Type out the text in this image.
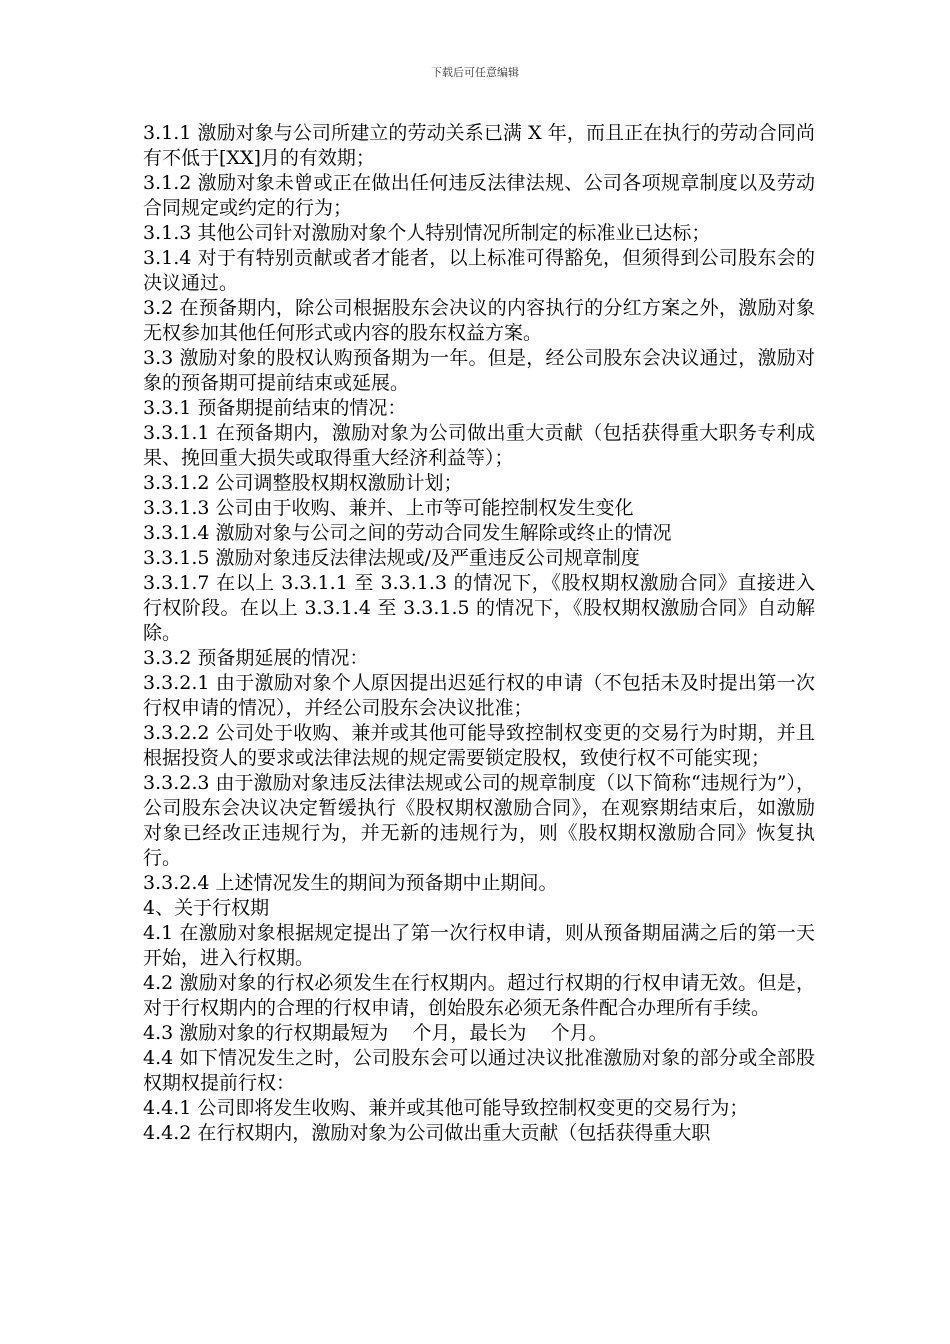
下载后可任意编辑

3.1.1 激励对象与公司所建立的劳动关系已满 X 年，而且正在执行的劳动合同尚有不低于[XX]月的有效期；

3.1.2 激励对象未曾或正在做出任何违反法律法规、公司各项规章制度以及劳动合同规定或约定的行为；

3.1.3 其他公司针对激励对象个人特别情况所制定的标准业已达标；

3.1.4 对于有特别贡献或者才能者，以上标准可得豁免，但须得到公司股东会的决议通过。

3.2 在预备期内，除公司根据股东会决议的内容执行的分红方案之外，激励对象无权参加其他任何形式或内容的股东权益方案。

3.3 激励对象的股权认购预备期为一年。但是，经公司股东会决议通过，激励对象的预备期可提前结束或延展。

3.3.1 预备期提前结束的情况：

3.3.1.1 在预备期内，激励对象为公司做出重大贡献（包括获得重大职务专利成果、挽回重大损失或取得重大经济利益等）；

3.3.1.2 公司调整股权期权激励计划；

3.3.1.3 公司由于收购、兼并、上市等可能控制权发生变化

3.3.1.4 激励对象与公司之间的劳动合同发生解除或终止的情况

3.3.1.5 激励对象违反法律法规或/及严重违反公司规章制度

3.3.1.7 在以上 3.3.1.1 至 3.3.1.3 的情况下，《股权期权激励合同》直接进入行权阶段。在以上 3.3.1.4 至 3.3.1.5 的情况下，《股权期权激励合同》自动解除。

3.3.2 预备期延展的情况：

3.3.2.1 由于激励对象个人原因提出迟延行权的申请（不包括未及时提出第一次行权申请的情况），并经公司股东会决议批准；

3.3.2.2 公司处于收购、兼并或其他可能导致控制权变更的交易行为时期，并且根据投资人的要求或法律法规的规定需要锁定股权，致使行权不可能实现；

3.3.2.3 由于激励对象违反法律法规或公司的规章制度（以下简称“违规行为”），公司股东会决议决定暂缓执行《股权期权激励合同》，在观察期结束后，如激励对象已经改正违规行为，并无新的违规行为，则《股权期权激励合同》恢复执行。

3.3.2.4 上述情况发生的期间为预备期中止期间。

4、关于行权期

4.1 在激励对象根据规定提出了第一次行权申请，则从预备期届满之后的第一天开始，进入行权期。

4.2 激励对象的行权必须发生在行权期内。超过行权期的行权申请无效。但是，对于行权期内的合理的行权申请，创始股东必须无条件配合办理所有手续。

4.3 激励对象的行权期最短为    个月，最长为    个月。

4.4 如下情况发生之时，公司股东会可以通过决议批准激励对象的部分或全部股权期权提前行权：

4.4.1 公司即将发生收购、兼并或其他可能导致控制权变更的交易行为；

4.4.2 在行权期内，激励对象为公司做出重大贡献（包括获得重大职
